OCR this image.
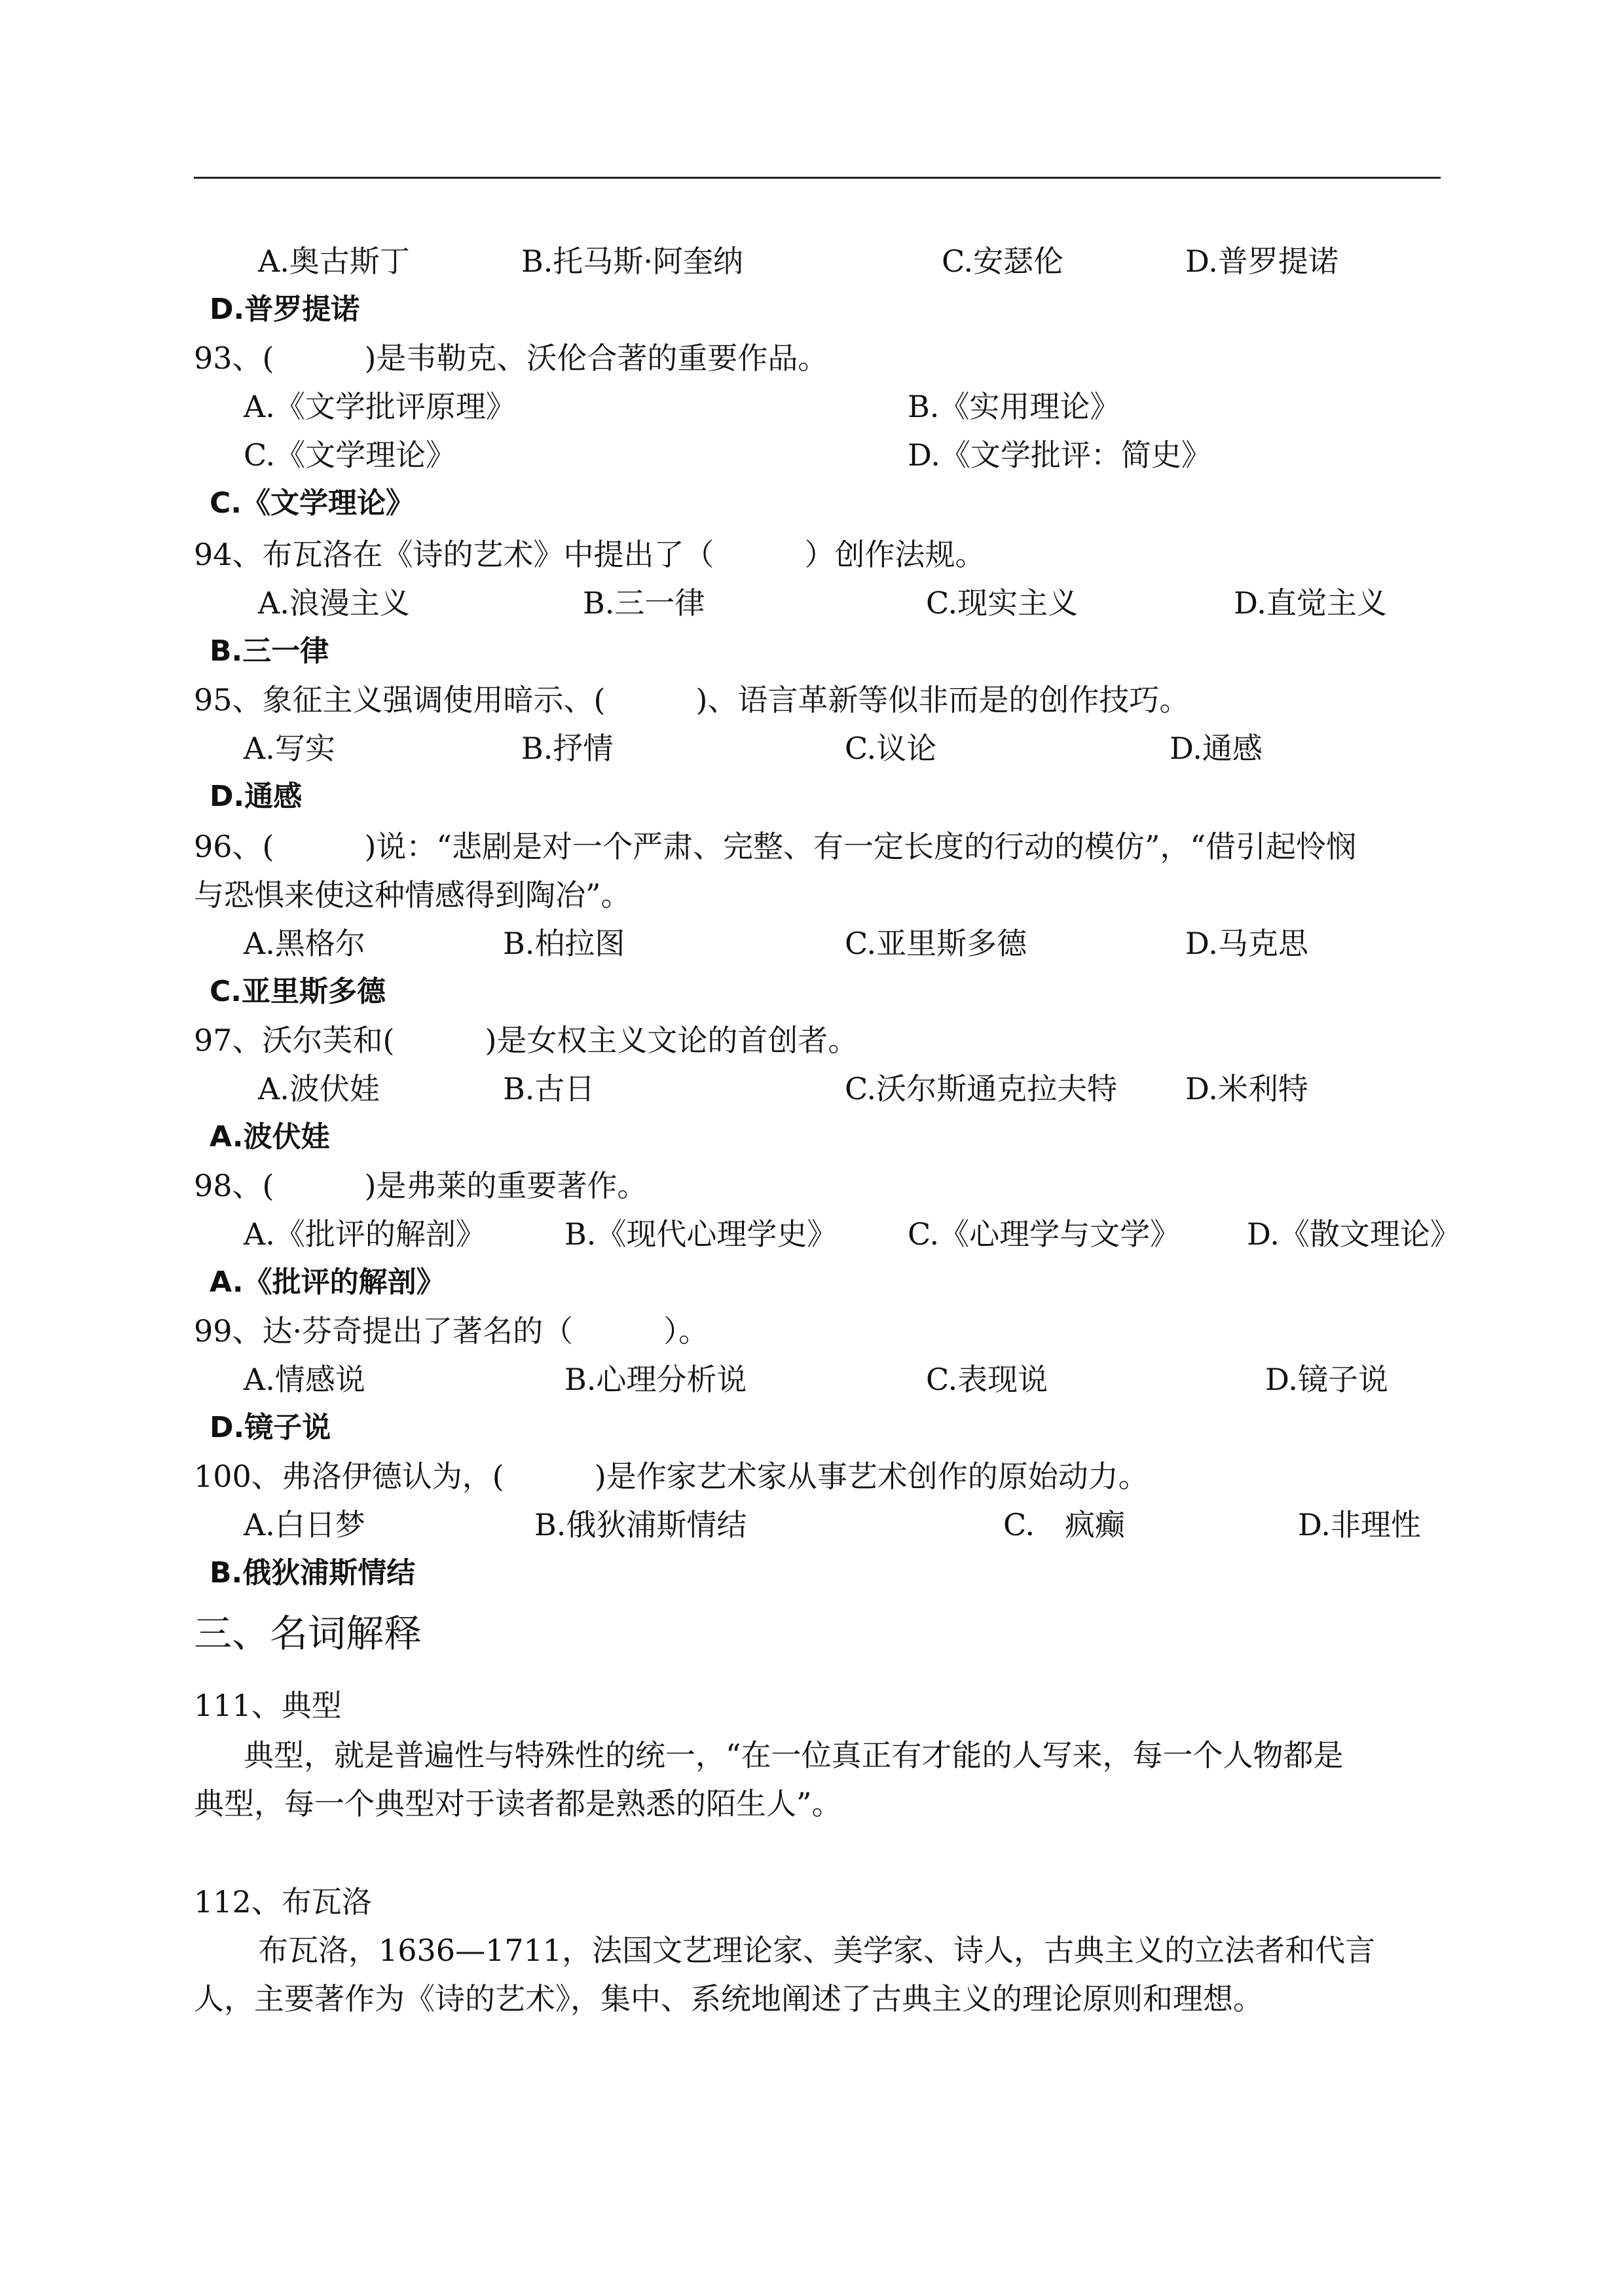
A.奥古斯丁	B.托马斯·阿奎纳	C.安瑟伦	D.普罗提诺
D.普罗提诺
93、(　　　)是韦勒克、沃伦合著的重要作品。
A.《文学批评原理》	B.《实用理论》
C.《文学理论》	D.《文学批评：简史》
C.《文学理论》
94、布瓦洛在《诗的艺术》中提出了（　　　）创作法规。
A.浪漫主义	B.三一律	C.现实主义	D.直觉主义
B.三一律
95、象征主义强调使用暗示、(　　　)、语言革新等似非而是的创作技巧。
A.写实	B.抒情	C.议论	D.通感
D.通感
96、(　　　)说：“悲剧是对一个严肃、完整、有一定长度的行动的模仿”，“借引起怜悯
与恐惧来使这种情感得到陶冶”。
A.黑格尔	B.柏拉图	C.亚里斯多德	D.马克思
C.亚里斯多德
97、沃尔芙和(　　　)是女权主义文论的首创者。
A.波伏娃	B.古日	C.沃尔斯通克拉夫特 D.米利特
A.波伏娃
98、(　　　)是弗莱的重要著作。
A.《批评的解剖》	B.《现代心理学史》 C.《心理学与文学》 D.《散文理论》
A.《批评的解剖》
99、达·芬奇提出了著名的（　　　）。
A.情感说	B.心理分析说	C.表现说	D.镜子说
D.镜子说
100、弗洛伊德认为，(　　　)是作家艺术家从事艺术创作的原始动力。
A.白日梦	B.俄狄浦斯情结	C.　疯癫	D.非理性
B.俄狄浦斯情结
三、名词解释
111、典型
典型，就是普遍性与特殊性的统一，“在一位真正有才能的人写来，每一个人物都是
典型，每一个典型对于读者都是熟悉的陌生人”。
112、布瓦洛
布瓦洛，1636—1711，法国文艺理论家、美学家、诗人，古典主义的立法者和代言
人，主要著作为《诗的艺术》，集中、系统地阐述了古典主义的理论原则和理想。
